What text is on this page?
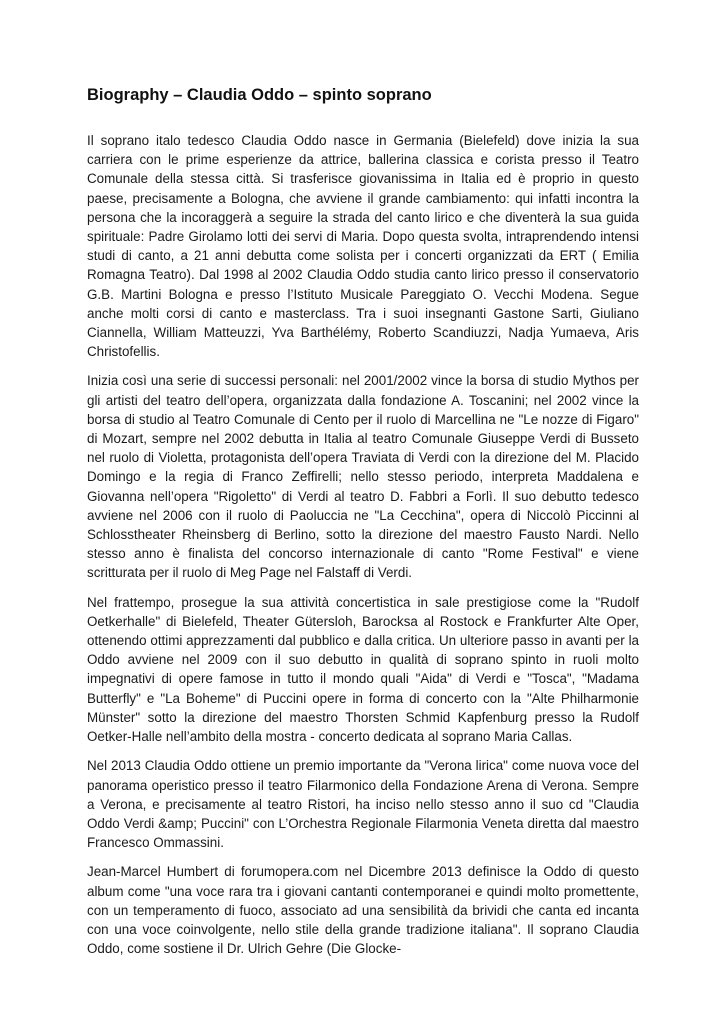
Biography – Claudia Oddo – spinto soprano

Il soprano italo tedesco Claudia Oddo nasce in Germania (Bielefeld) dove inizia la sua carriera con le prime esperienze da attrice, ballerina classica e corista presso il Teatro Comunale della stessa città. Si trasferisce giovanissima in Italia ed è proprio in questo paese, precisamente a Bologna, che avviene il grande cambiamento: qui infatti incontra la persona che la incoraggerà a seguire la strada del canto lirico e che diventerà la sua guida spirituale: Padre Girolamo lotti dei servi di Maria. Dopo questa svolta, intraprendendo intensi studi di canto, a 21 anni debutta come solista per i concerti organizzati da ERT ( Emilia Romagna Teatro). Dal 1998 al 2002 Claudia Oddo studia canto lirico presso il conservatorio G.B. Martini Bologna e presso l’Istituto Musicale Pareggiato O. Vecchi Modena. Segue anche molti corsi di canto e masterclass. Tra i suoi insegnanti Gastone Sarti, Giuliano Ciannella, William Matteuzzi, Yva Barthélémy, Roberto Scandiuzzi, Nadja Yumaeva, Aris Christofellis.

Inizia così una serie di successi personali: nel 2001/2002 vince la borsa di studio Mythos per gli artisti del teatro dell’opera, organizzata dalla fondazione A. Toscanini; nel 2002 vince la borsa di studio al Teatro Comunale di Cento per il ruolo di Marcellina ne "Le nozze di Figaro" di Mozart, sempre nel 2002 debutta in Italia al teatro Comunale Giuseppe Verdi di Busseto nel ruolo di Violetta, protagonista dell’opera Traviata di Verdi con la direzione del M. Placido Domingo e la regia di Franco Zeffirelli; nello stesso periodo, interpreta Maddalena e Giovanna nell’opera "Rigoletto" di Verdi al teatro D. Fabbri a Forlì. Il suo debutto tedesco avviene nel 2006 con il ruolo di Paoluccia ne "La Cecchina", opera di Niccolò Piccinni al Schlosstheater Rheinsberg di Berlino, sotto la direzione del maestro Fausto Nardi. Nello stesso anno è finalista del concorso internazionale di canto "Rome Festival" e viene scritturata per il ruolo di Meg Page nel Falstaff di Verdi.

Nel frattempo, prosegue la sua attività concertistica in sale prestigiose come la "Rudolf Oetkerhalle" di Bielefeld, Theater Gütersloh, Barocksa al Rostock e Frankfurter Alte Oper, ottenendo ottimi apprezzamenti dal pubblico e dalla critica. Un ulteriore passo in avanti per la Oddo avviene nel 2009 con il suo debutto in qualità di soprano spinto in ruoli molto impegnativi di opere famose in tutto il mondo quali "Aida" di Verdi e "Tosca", "Madama Butterfly" e "La Boheme" di Puccini opere in forma di concerto con la "Alte Philharmonie Münster" sotto la direzione del maestro Thorsten Schmid Kapfenburg presso la Rudolf Oetker-Halle nell’ambito della mostra - concerto dedicata al soprano Maria Callas.

Nel 2013 Claudia Oddo ottiene un premio importante da "Verona lirica" come nuova voce del panorama operistico presso il teatro Filarmonico della Fondazione Arena di Verona. Sempre a Verona, e precisamente al teatro Ristori, ha inciso nello stesso anno il suo cd "Claudia Oddo Verdi &amp; Puccini" con L’Orchestra Regionale Filarmonia Veneta diretta dal maestro Francesco Ommassini.

Jean-Marcel Humbert di forumopera.com nel Dicembre 2013 definisce la Oddo di questo album come "una voce rara tra i giovani cantanti contemporanei e quindi molto promettente, con un temperamento di fuoco, associato ad una sensibilità da brividi che canta ed incanta con una voce coinvolgente, nello stile della grande tradizione italiana". Il soprano Claudia Oddo, come sostiene il Dr. Ulrich Gehre (Die Glocke-
